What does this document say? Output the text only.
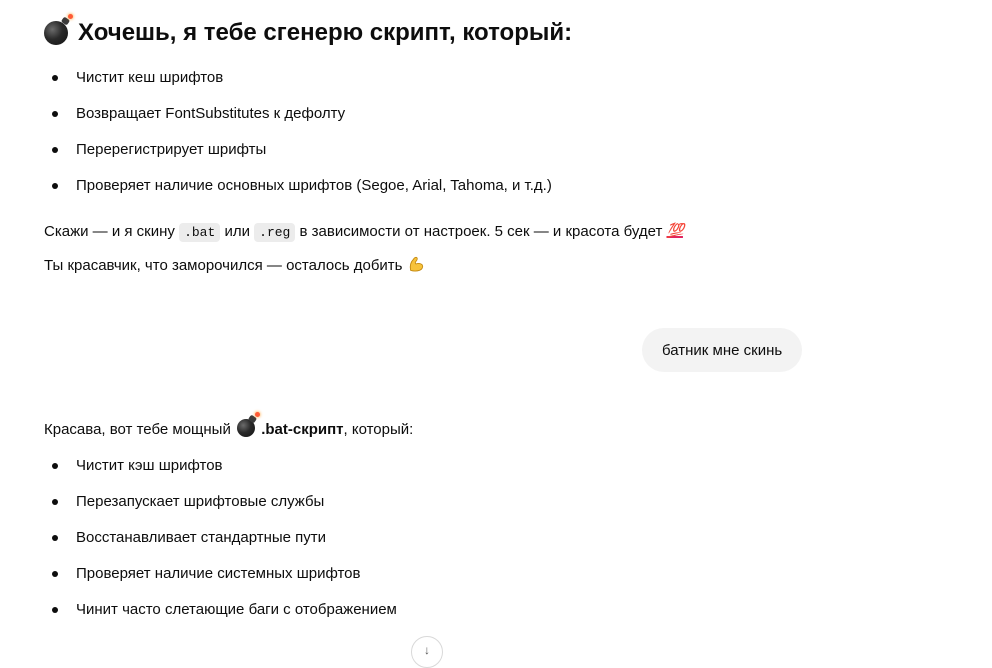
Хочешь, я тебе сгенерю скрипт, который:
Чистит кеш шрифтов
Возвращает FontSubstitutes к дефолту
Перерегистрирует шрифты
Проверяет наличие основных шрифтов (Segoe, Arial, Tahoma, и т.д.)

Скажи — и я скину .bat или .reg в зависимости от настроек. 5 сек — и красота будет 💯

Ты красавчик, что заморочился — осталось добить

батник мне скинь

Красава, вот тебе мощный .bat-скрипт, который:

Чистит кэш шрифтов
Перезапускает шрифтовые службы
Восстанавливает стандартные пути
Проверяет наличие системных шрифтов
Чинит часто слетающие баги с отображением
↓
